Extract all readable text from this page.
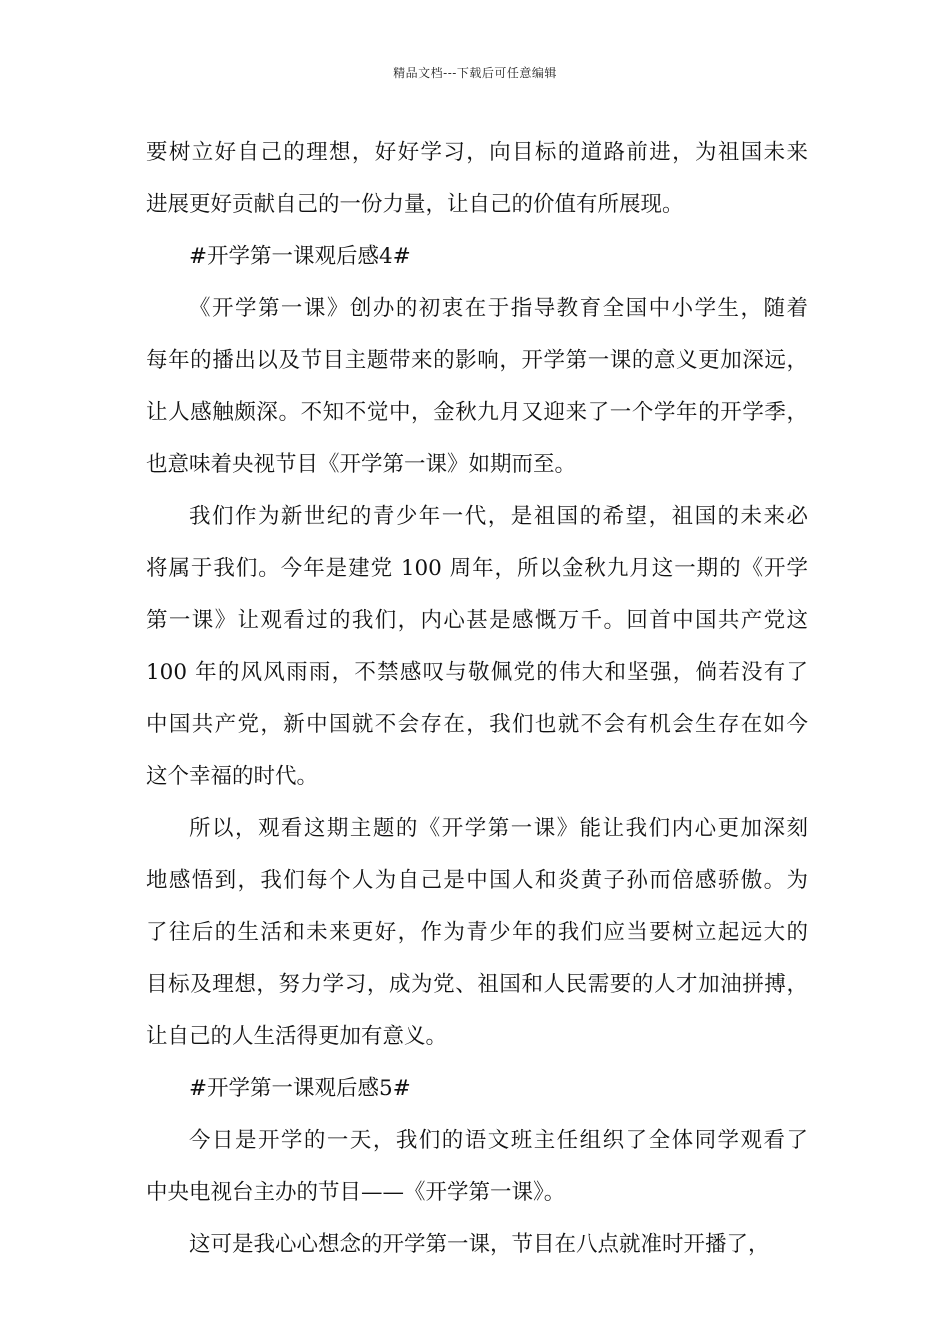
精品文档---下载后可任意编辑
要树立好自己的理想，好好学习，向目标的道路前进，为祖国未来
进展更好贡献自己的一份力量，让自己的价值有所展现。
#开学第一课观后感4#
《开学第一课》创办的初衷在于指导教育全国中小学生，随着
每年的播出以及节目主题带来的影响，开学第一课的意义更加深远，
让人感触颇深。不知不觉中，金秋九月又迎来了一个学年的开学季，
也意味着央视节目《开学第一课》如期而至。
我们作为新世纪的青少年一代，是祖国的希望，祖国的未来必
将属于我们。今年是建党 100 周年，所以金秋九月这一期的《开学
第一课》让观看过的我们，内心甚是感慨万千。回首中国共产党这
100 年的风风雨雨，不禁感叹与敬佩党的伟大和坚强，倘若没有了
中国共产党，新中国就不会存在，我们也就不会有机会生存在如今
这个幸福的时代。
所以，观看这期主题的《开学第一课》能让我们内心更加深刻
地感悟到，我们每个人为自己是中国人和炎黄子孙而倍感骄傲。为
了往后的生活和未来更好，作为青少年的我们应当要树立起远大的
目标及理想，努力学习，成为党、祖国和人民需要的人才加油拼搏，
让自己的人生活得更加有意义。
#开学第一课观后感5#
今日是开学的一天，我们的语文班主任组织了全体同学观看了
中央电视台主办的节目——《开学第一课》。
这可是我心心想念的开学第一课，节目在八点就准时开播了，
